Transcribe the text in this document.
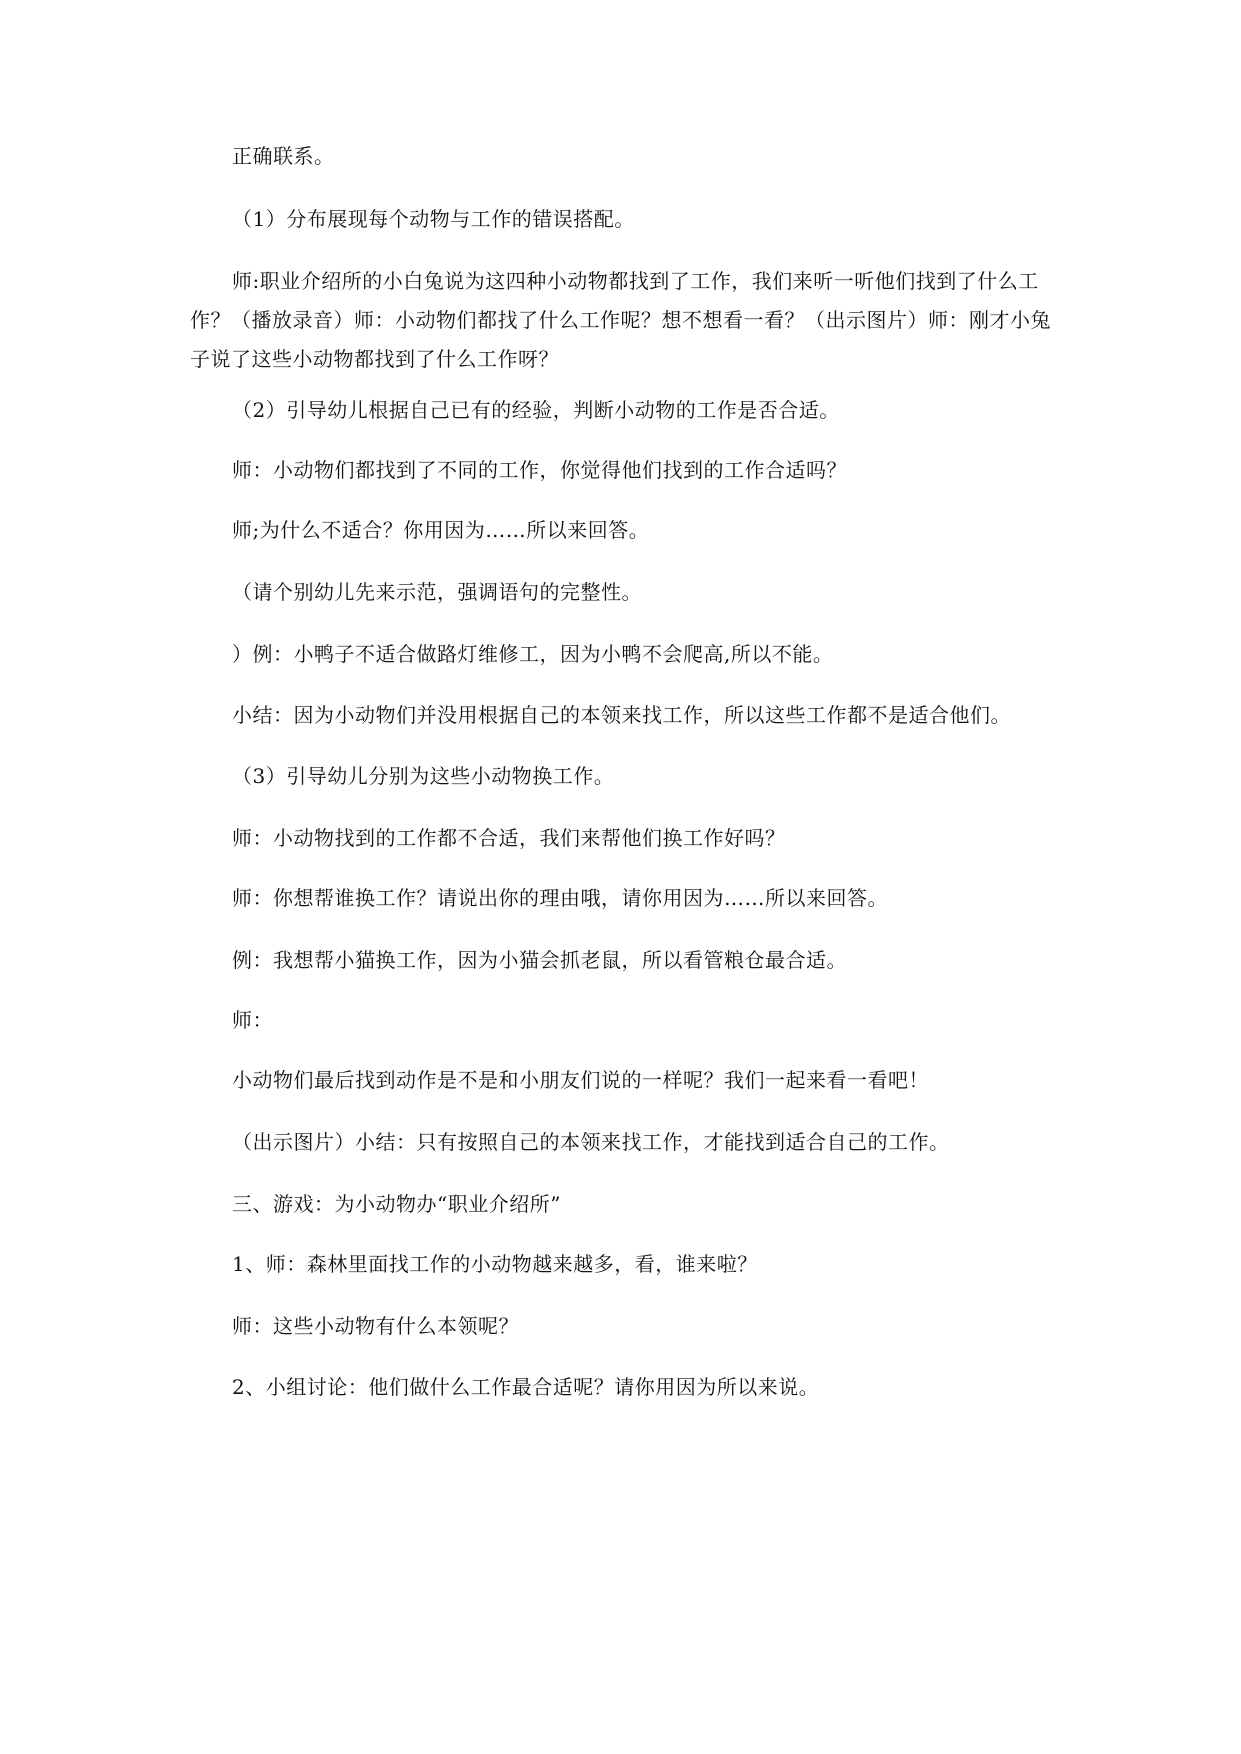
正确联系。

（1）分布展现每个动物与工作的错误搭配。

师:职业介绍所的小白兔说为这四种小动物都找到了工作，我们来听一听他们找到了什么工作？（播放录音）师：小动物们都找了什么工作呢？想不想看一看？（出示图片）师：刚才小兔子说了这些小动物都找到了什么工作呀？

（2）引导幼儿根据自己已有的经验，判断小动物的工作是否合适。

师：小动物们都找到了不同的工作，你觉得他们找到的工作合适吗？

师;为什么不适合？你用因为……所以来回答。

（请个别幼儿先来示范，强调语句的完整性。

）例：小鸭子不适合做路灯维修工，因为小鸭不会爬高,所以不能。

小结：因为小动物们并没用根据自己的本领来找工作，所以这些工作都不是适合他们。

（3）引导幼儿分别为这些小动物换工作。

师：小动物找到的工作都不合适，我们来帮他们换工作好吗？

师：你想帮谁换工作？请说出你的理由哦，请你用因为……所以来回答。

例：我想帮小猫换工作，因为小猫会抓老鼠，所以看管粮仓最合适。

师：

小动物们最后找到动作是不是和小朋友们说的一样呢？我们一起来看一看吧！

（出示图片）小结：只有按照自己的本领来找工作，才能找到适合自己的工作。

三、游戏：为小动物办“职业介绍所”

1、师：森林里面找工作的小动物越来越多，看，谁来啦？

师：这些小动物有什么本领呢？

2、小组讨论：他们做什么工作最合适呢？请你用因为所以来说。
